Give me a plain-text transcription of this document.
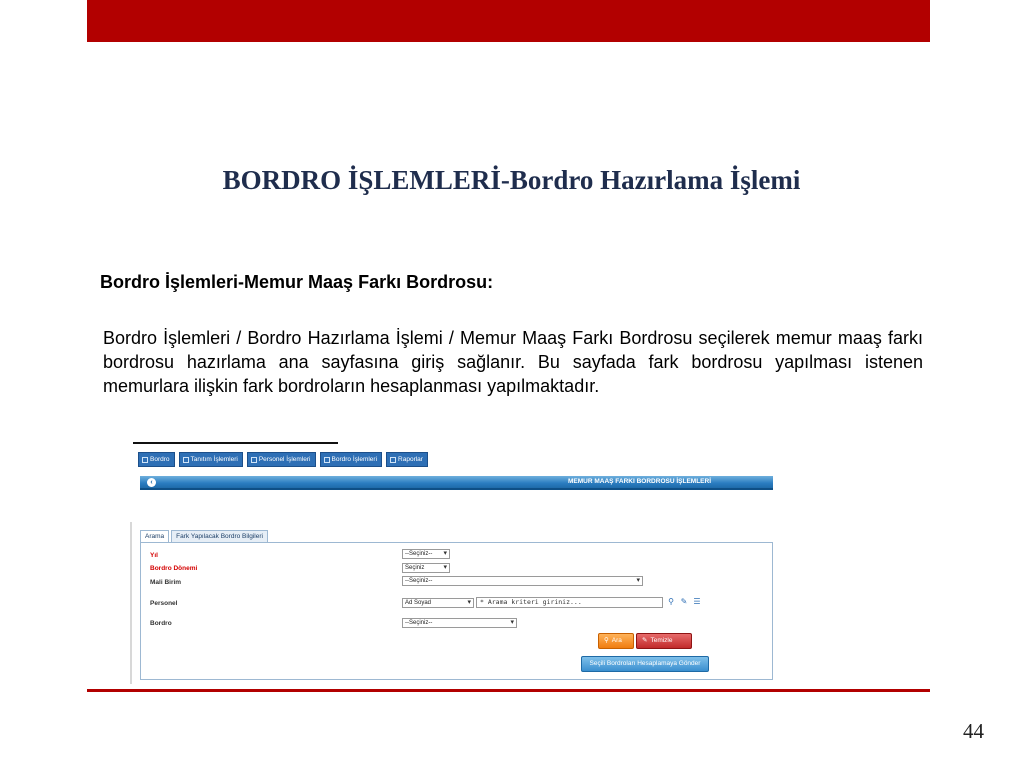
BORDRO İŞLEMLERİ-Bordro Hazırlama İşlemi
Bordro İşlemleri-Memur Maaş Farkı Bordrosu:
Bordro İşlemleri / Bordro Hazırlama İşlemi / Memur Maaş Farkı Bordrosu seçilerek memur maaş farkı bordrosu hazırlama ana sayfasına giriş sağlanır. Bu sayfada fark bordrosu yapılması istenen memurlara ilişkin fark bordroların hesaplanması yapılmaktadır.
Bordro	Tanıtım İşlemleri	Personel İşlemleri	Bordro İşlemleri	Raporlar
‹	MEMUR MAAŞ FARKI BORDROSU İŞLEMLERİ
Arama	Fark Yapılacak Bordro Bilgileri
Yıl	--Seçiniz-- ▾
Bordro Dönemi	Seçiniz ▾
Mali Birim	--Seçiniz-- ▾
Personel	Ad Soyad ▾	* Arama kriteri giriniz...	⚲ ✎ ☰
Bordro	--Seçiniz-- ▾
⚲ Ara	✎ Temizle
Seçili Bordroları Hesaplamaya Gönder
44
